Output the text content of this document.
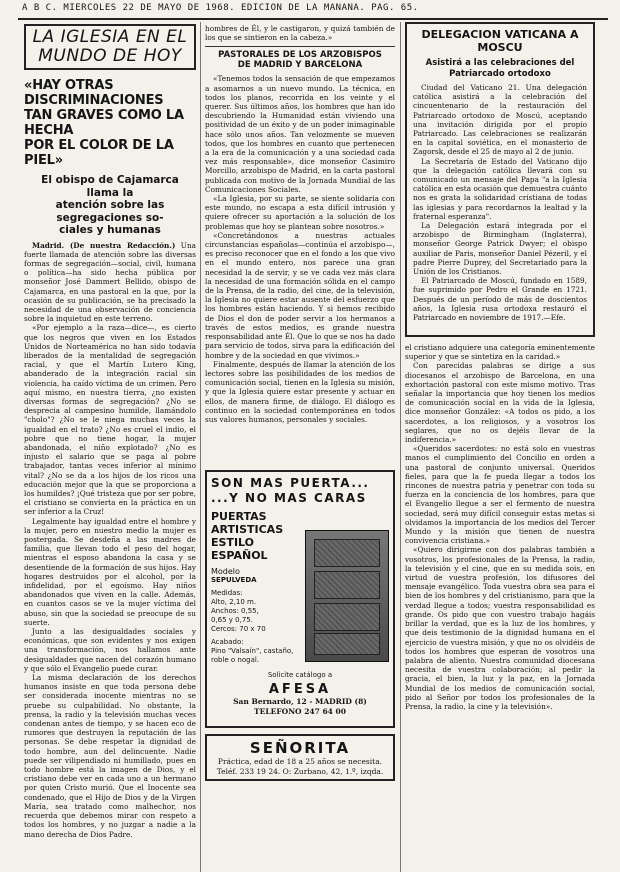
A B C. MIERCOLES 22 DE MAYO DE 1968. EDICION DE LA MAÑANA. PAG. 65.
LA IGLESIA EN EL
MUNDO DE HOY
«HAY OTRAS DISCRIMINACIONES
TAN GRAVES COMO LA HECHA
POR EL COLOR DE LA PIEL»
El obispo de Cajamarca llama la
atención sobre las segregaciones so-
ciales y humanas

Madrid. (De nuestra Redacción.) Una fuerte llamada de atención sobre las diversas formas de segregación—social, civil, humana o política—ha sido hecha pública por monseñor José Dammert Bellido, obispo de Cajamarca, en una pastoral en la que, por la ocasión de su publicación, se ha precisado la necesidad de una observación de conciencia sobre la inquietud en este terreno.

«Por ejemplo a la raza—dice—, es cierto que los negros que viven en los Estados Unidos de Norteamérica no han sido todavía liberados de la mentalidad de segregación racial, y que el Martín Lutero King, abanderado de la integración racial sin violencia, ha caído víctima de un crimen. Pero aquí mismo, en nuestra tierra, ¿no existen diversas formas de segregación? ¿No se desprecia al campesino humilde, llamándolo "cholo"? ¿No se le niega muchas veces la igualdad en el trato? ¿No es cruel el indio, el pobre que no tiene hogar, la mujer abandonada, el niño explotado? ¿No es injusto el salario que se paga al pobre trabajador, tantas veces inferior al mínimo vital? ¿No se da a los hijos de los ricos una educación mejor que la que se proporciona a los humildes? ¡Qué tristeza que por ser pobre, el cristiano se convierta en la práctica en un ser inferior a la Cruz!

Legalmente hay igualdad entre el hombre y la mujer, pero en nuestro medio la mujer es postergada. Se desdeña a las madres de familia, que llevan todo el peso del hogar, mientras el esposo abandona la casa y se desentiende de la formación de sus hijos. Hay hogares destruidos por el alcohol, por la infidelidad, por el egoísmo. Hay niños abandonados que viven en la calle. Además, en cuantos casos se ve la mujer víctima del abuso, sin que la sociedad se preocupe de su suerte.

Junto a las desigualdades sociales y económicas, que son evidentes y nos exigen una transformación, nos hallamos ante desigualdades que nacen del corazón humano y que sólo el Evangelio puede curar.

La misma declaración de los derechos humanos insiste en que toda persona debe ser considerada inocente mientras no se pruebe su culpabilidad. No obstante, la prensa, la radio y la televisión muchas veces condenan antes de tiempo, y se hacen eco de rumores que destruyen la reputación de las personas. Se debe respetar la dignidad de todo hombre, aun del delincuente. Nadie puede ser vilipendiado ni humillado, pues en todo hombre está la imagen de Dios, y el cristiano debe ver en cada uno a un hermano por quien Cristo murió. Que el Inocente sea condenado, que el Hijo de Dios y de la Virgen María, sea tratado como malhechor, nos recuerda que debemos mirar con respeto a todos los hombres, y no juzgar a nadie a la mano derecha de Dios Padre.

hombres de Él, y le castigaron, y quizá también de los que se sintieron en la cabeza.»

PASTORALES DE LOS ARZOBISPOS
DE MADRID Y BARCELONA

«Tenemos todos la sensación de que empezamos a asomarnos a un nuevo mundo. La técnica, en todos los planos, recorrida en los veinte y el querer. Sus últimos años, los hombres que han ido descubriendo la Humanidad están viviendo una positividad de un éxito y de un poder inimaginable hace sólo unos años. Tan velozmente se mueven todos, que los hombres en cuanto que pertenecen a la era de la comunicación y a una sociedad cada vez más responsable», dice monseñor Casimiro Morcillo, arzobispo de Madrid, en la carta pastoral publicada con motivo de la Jornada Mundial de las Comunicaciones Sociales.

«La Iglesia, por su parte, se siente solidaria con este mundo, no escapa a esta difícil intrusión y quiere ofrecer su aportación a la solución de los problemas que hoy se plantean sobre nosotros.»

«Concretándonos a nuestras actuales circunstancias españolas—continúa el arzobispo—, es preciso reconocer que en el fondo a los que vivo en el mundo entero, nos parece una gran necesidad la de servir, y se ve cada vez más clara la necesidad de una formación sólida en el campo de la Prensa, de la radio, del cine, de la televisión, la Iglesia no quiere estar ausente del esfuerzo que los hombres están haciendo. Y si hemos recibido de Dios el don de poder servir a los hermanos a través de estos medios, es grande nuestra responsabilidad ante Él. Que lo que se nos ha dado para servicio de todos, sirva para la edificación del hombre y de la sociedad en que vivimos.»

Finalmente, después de llamar la atención de los lectores sobre las posibilidades de los medios de comunicación social, tienen en la Iglesia su misión, y que la Iglesia quiere estar presente y actuar en ellos, de manera firme, de diálogo. El diálogo es continuo en la sociedad contemporánea en todos sus valores humanos, personales y sociales.

SON MAS PUERTA...
...Y NO MAS CARAS
PUERTAS
ARTISTICAS
ESTILO
ESPAÑOL
Modelo
SEPULVEDA
Medidas:
Alto, 2,10 m.
Anchos: 0,55,
0,65 y 0,75.
Cercos: 70 x 70
Acabado:
Pino "Valsaín", castaño, roble o nogal.
Solicite catálogo a
AFESA
San Bernardo, 12 - MADRID (8)
TELEFONO 247 64 00
SEÑORITA
Práctica, edad de 18 a 25 años se necesita. Teléf. 233 19 24. O: Zurbano, 42, 1.º, izqda.
DELEGACION VATICANA A
MOSCU
Asistirá a las celebraciones del
Patriarcado ortodoxo

Ciudad del Vaticano 21. Una delegación católica asistirá a la celebración del cincuentenario de la restauración del Patriarcado ortodoxo de Moscú, aceptando una invitación dirigida por el propio Patriarcado. Las celebraciones se realizarán en la capital soviética, en el monasterio de Zagorsk, desde el 25 de mayo al 2 de junio.

La Secretaría de Estado del Vaticano dijo que la delegación católica llevará con su comunicado un mensaje del Papa "a la Iglesia católica en esta ocasión que demuestra cuánto nos es grata la solidaridad cristiana de todas las iglesias y para recordarnos la lealtad y la fraternal esperanza".

La Delegación estará integrada por el arzobispo de Birmingham (Inglaterra), monseñor George Patrick Dwyer; el obispo auxiliar de Paris, monseñor Daniel Pézeril, y el padre Pierre Duprey, del Secretariado para la Unión de los Cristianos.

El Patriarcado de Moscú, fundado en 1589, fue suprimido por Pedro el Grande en 1721. Después de un período de más de doscientos años, la Iglesia rusa ortodoxa restauró el Patriarcado en noviembre de 1917.—Efe.

el cristiano adquiere una categoría eminentemente superior y que se sintetiza en la caridad.»

Con parecidas palabras se dirige a sus diocesanos el arzobispo de Barcelona, en una exhortación pastoral con este mismo motivo. Tras señalar la importancia que hoy tienen los medios de comunicación social en la vida de la Iglesia, dice monseñor González: «A todos os pido, a los sacerdotes, a los religiosos, y a vosotros los seglares, que no os dejéis llevar de la indiferencia.»

«Queridos sacerdotes: no está solo en vuestras manos el cumplimiento del Concilio en orden a una pastoral de conjunto universal. Queridos fieles, para que la fe pueda llegar a todos los rincones de nuestra patria y penetrar con toda su fuerza en la conciencia de los hombres, para que el Evangelio llegue a ser el fermento de nuestra sociedad, será muy difícil conseguir estas metas si olvidamos la importancia de los medios del Tercer Mundo y la misión que tienen de nuestra convivencia cristiana.»

«Quiero dirigirme con dos palabras también a vosotros, los profesionales de la Prensa, la radio, la televisión y el cine, que en su medida sois, en virtud de vuestra profesión, los difusores del mensaje evangélico. Toda vuestra obra sea para el bien de los hombres y del cristianismo, para que la verdad llegue a todos; vuestra responsabilidad es grande. Os pido que con vuestro trabajo hagáis brillar la verdad, que es la luz de los hombres, y que deis testimonio de la dignidad humana en el ejercicio de vuestra misión, y que no os olvidéis de todos los hombres que esperan de vosotros una palabra de aliento. Nuestra comunidad diocesana necesita de vuestra colaboración; al pedir la gracia, el bien, la luz y la paz, en la Jornada Mundial de los medios de comunicación social, pido al Señor por todos los profesionales de la Prensa, la radio, la cine y la televisión».
